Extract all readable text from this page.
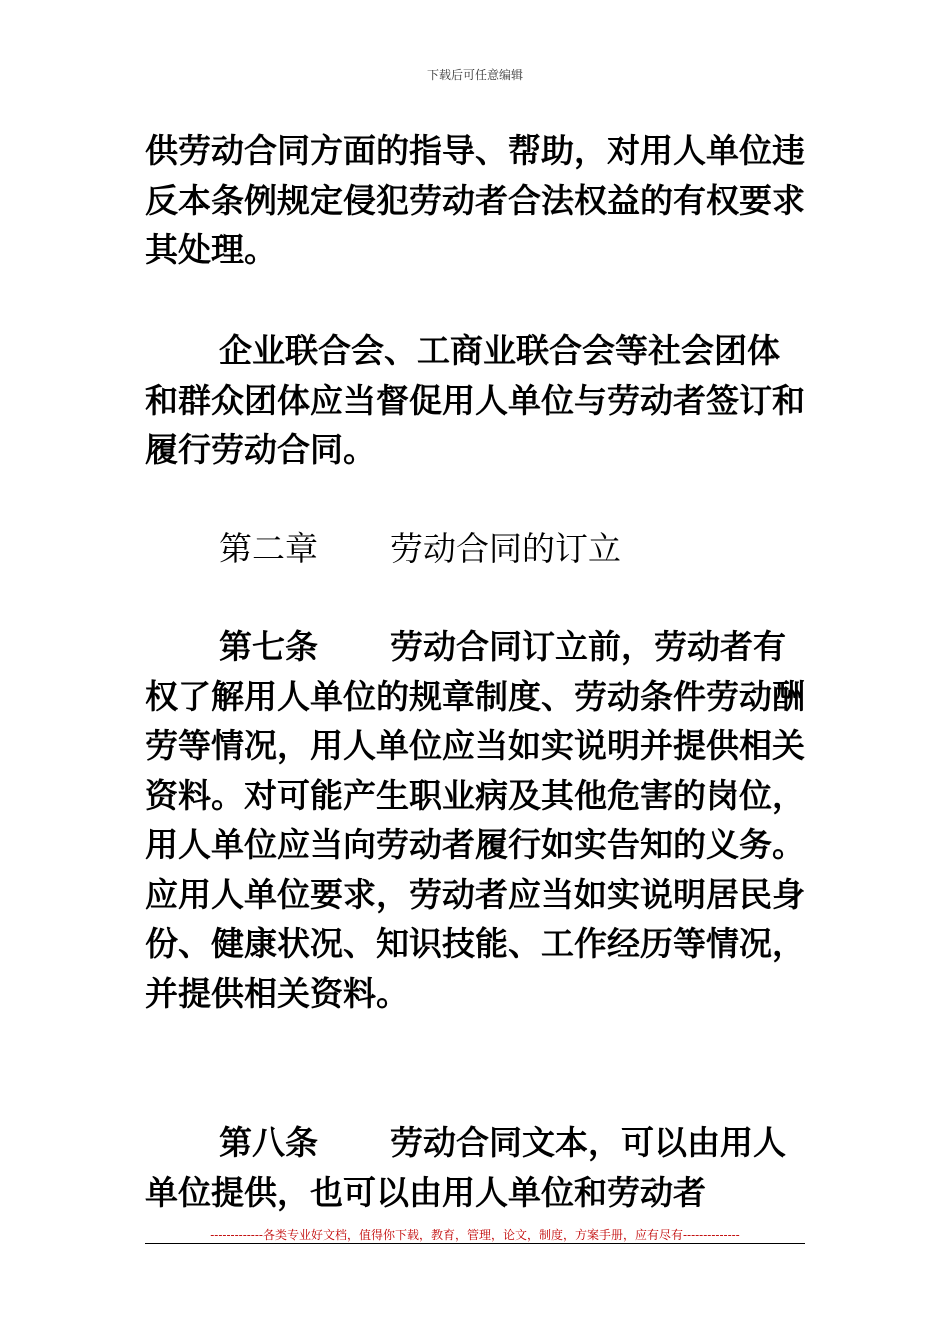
下载后可任意编辑

供劳动合同方面的指导、帮助，对用人单位违反本条例规定侵犯劳动者合法权益的有权要求其处理。

企业联合会、工商业联合会等社会团体和群众团体应当督促用人单位与劳动者签订和履行劳动合同。

第二章 劳动合同的订立

第七条 劳动合同订立前，劳动者有权了解用人单位的规章制度、劳动条件劳动酬劳等情况，用人单位应当如实说明并提供相关资料。对可能产生职业病及其他危害的岗位，用人单位应当向劳动者履行如实告知的义务。应用人单位要求，劳动者应当如实说明居民身份、健康状况、知识技能、工作经历等情况，并提供相关资料。

第八条 劳动合同文本，可以由用人单位提供，也可以由用人单位和劳动者

-------------各类专业好文档，值得你下载，教育，管理，论文，制度，方案手册，应有尽有--------------
